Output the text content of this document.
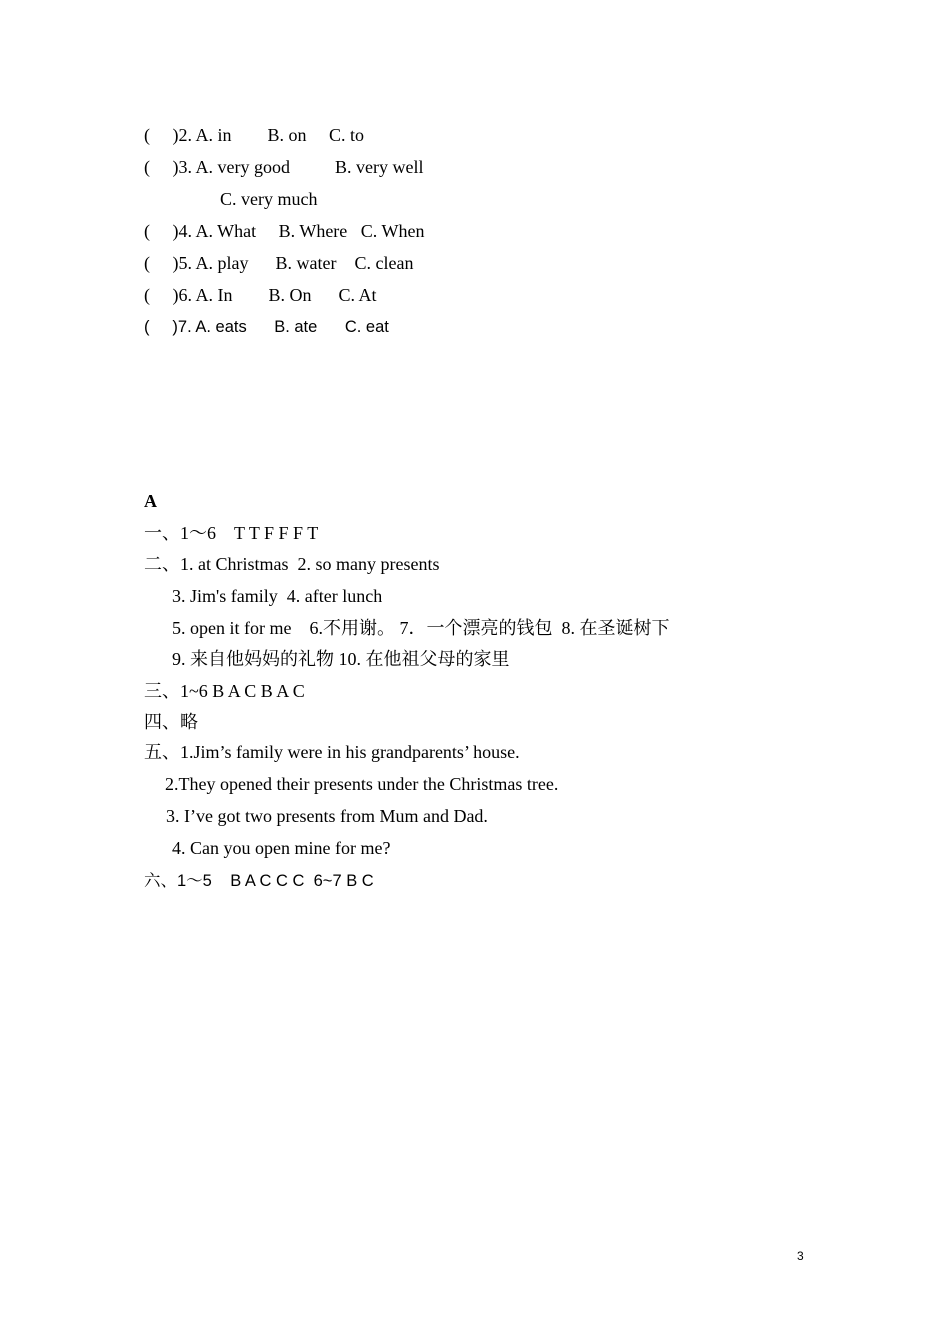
(     )2. A. in        B. on     C. to
(     )3. A. very good          B. very well
C. very much
(     )4. A. What     B. Where   C. When
(     )5. A. play      B. water    C. clean
(     )6. A. In        B. On      C. At
(     )7. A. eats      B. ate      C. eat
A
一、1～6    T T F F F T
二、1. at Christmas  2. so many presents
3. Jim's family  4. after lunch
5. open it for me    6.不用谢。 7．一个漂亮的钱包  8. 在圣诞树下
9. 来自他妈妈的礼物 10. 在他祖父母的家里
三、1~6 B A C B A C
四、略
五、1.Jim’s family were in his grandparents’ house.
2.They opened their presents under the Christmas tree.
3. I’ve got two presents from Mum and Dad.
4. Can you open mine for me?
六、1～5    B A C C C  6~7 B C
3
